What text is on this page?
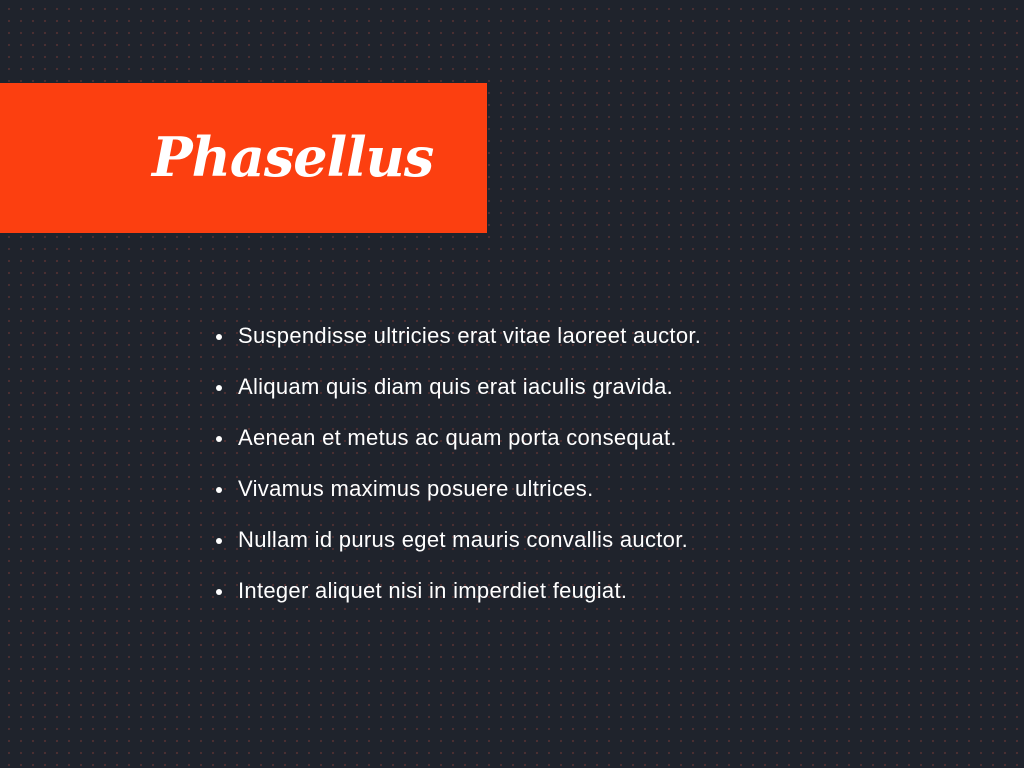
Phasellus
Suspendisse ultricies erat vitae laoreet auctor.
Aliquam quis diam quis erat iaculis gravida.
Aenean et metus ac quam porta consequat.
Vivamus maximus posuere ultrices.
Nullam id purus eget mauris convallis auctor.
Integer aliquet nisi in imperdiet feugiat.
